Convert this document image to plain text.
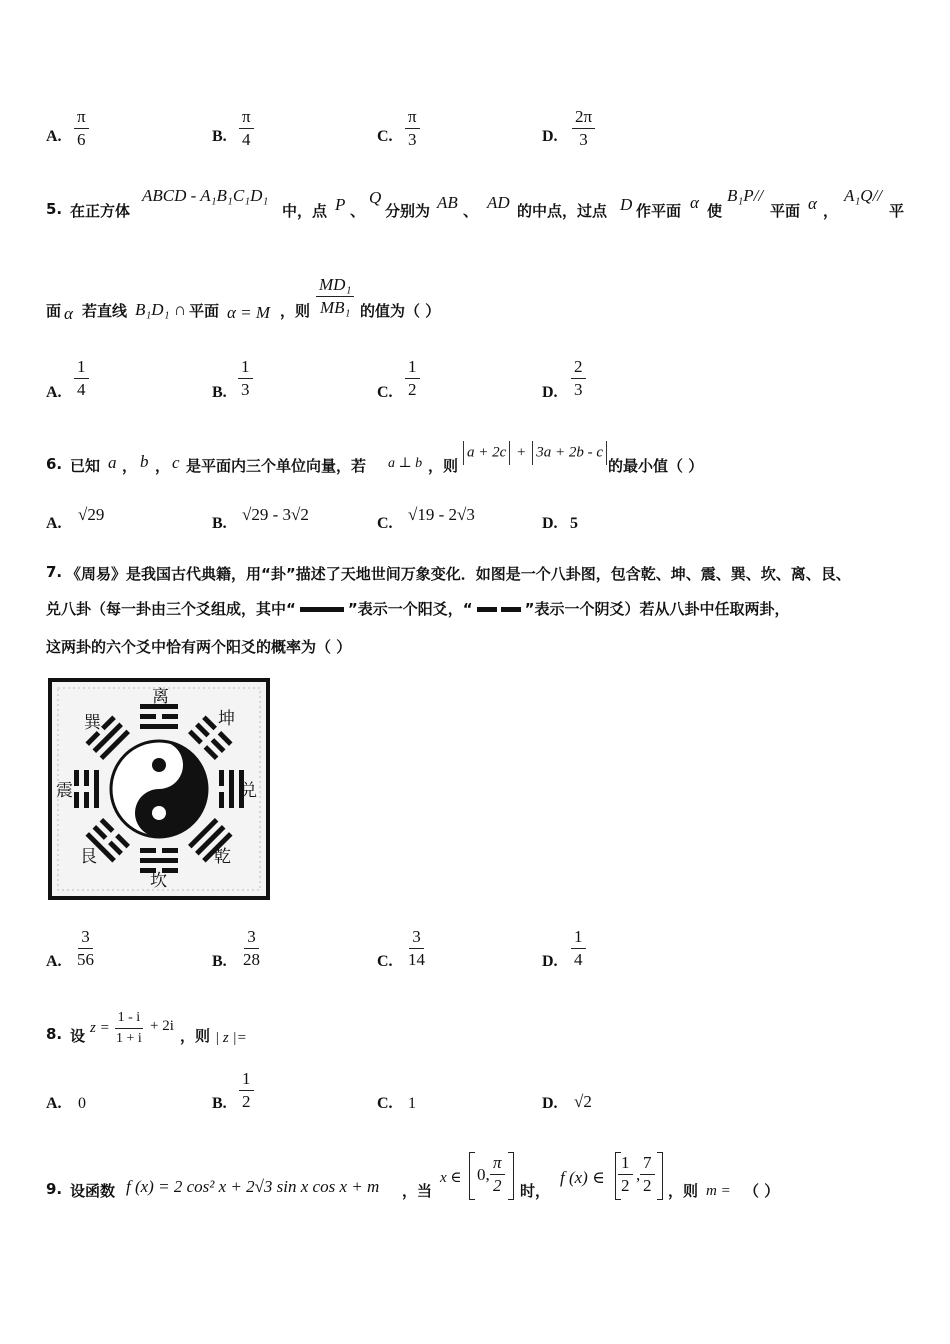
A. $\frac{\pi}{6}$	B. $\frac{\pi}{4}$	C. $\frac{\pi}{3}$	D. $\frac{2\pi}{3}$
5. 在正方体
ABCD - A₁B₁C₁D₁
中，点 P 、
Q
分别为 AB 、 AD 的中点，过点 D 作平面 α 使
B₁P//
平面 α ，
A₁Q//
平
面 α 若直线 B₁D₁ ∩ 平面 α = M ，则 $\frac{\text{MD₁}}{\text{MB₁}}$ 的值为（ ）
A. $\frac{1}{4}$	B. $\frac{1}{3}$	C. $\frac{1}{2}$	D. $\frac{2}{3}$
6. 已知 a ， b ， c 是平面内三个单位向量，若 a ⊥ b ，则
a + 2c + 3a + 2b - c
的最小值（ ）
A. √29	B. √29 - 3√2	C. √19 - 2√3	D. 5
7. 《周易》是我国古代典籍，用“卦”描述了天地世间万象变化．如图是一个八卦图，包含乾、坤、震、巽、坎、离、艮、
兑八卦（每一卦由三个爻组成，其中“	”表示一个阳爻，“	”表示一个阴爻）若从八卦中任取两卦，
这两卦的六个爻中恰有两个阳爻的概率为（ ）
离
坤
巽
兑
震
艮	乾
坎
A. $\frac{3}{56}$	B. $\frac{3}{28}$	C. $\frac{3}{14}$	D. $\frac{1}{4}$
8. 设 $z = \frac{1 - i}{1 + i} + 2i$
，则 | z |=
A. 0	B. $\frac{1}{2}$	C. 1	D. √2
9. 设函数 f (x) = 2 cos² x + 2√3 sin x cos x + m ，当
x ∈ 0, $\frac{\pi}{2}$ 时，
f (x) ∈ $\frac{1}{2}$ , $\frac{7}{2}$ ，则 m = （ ）
